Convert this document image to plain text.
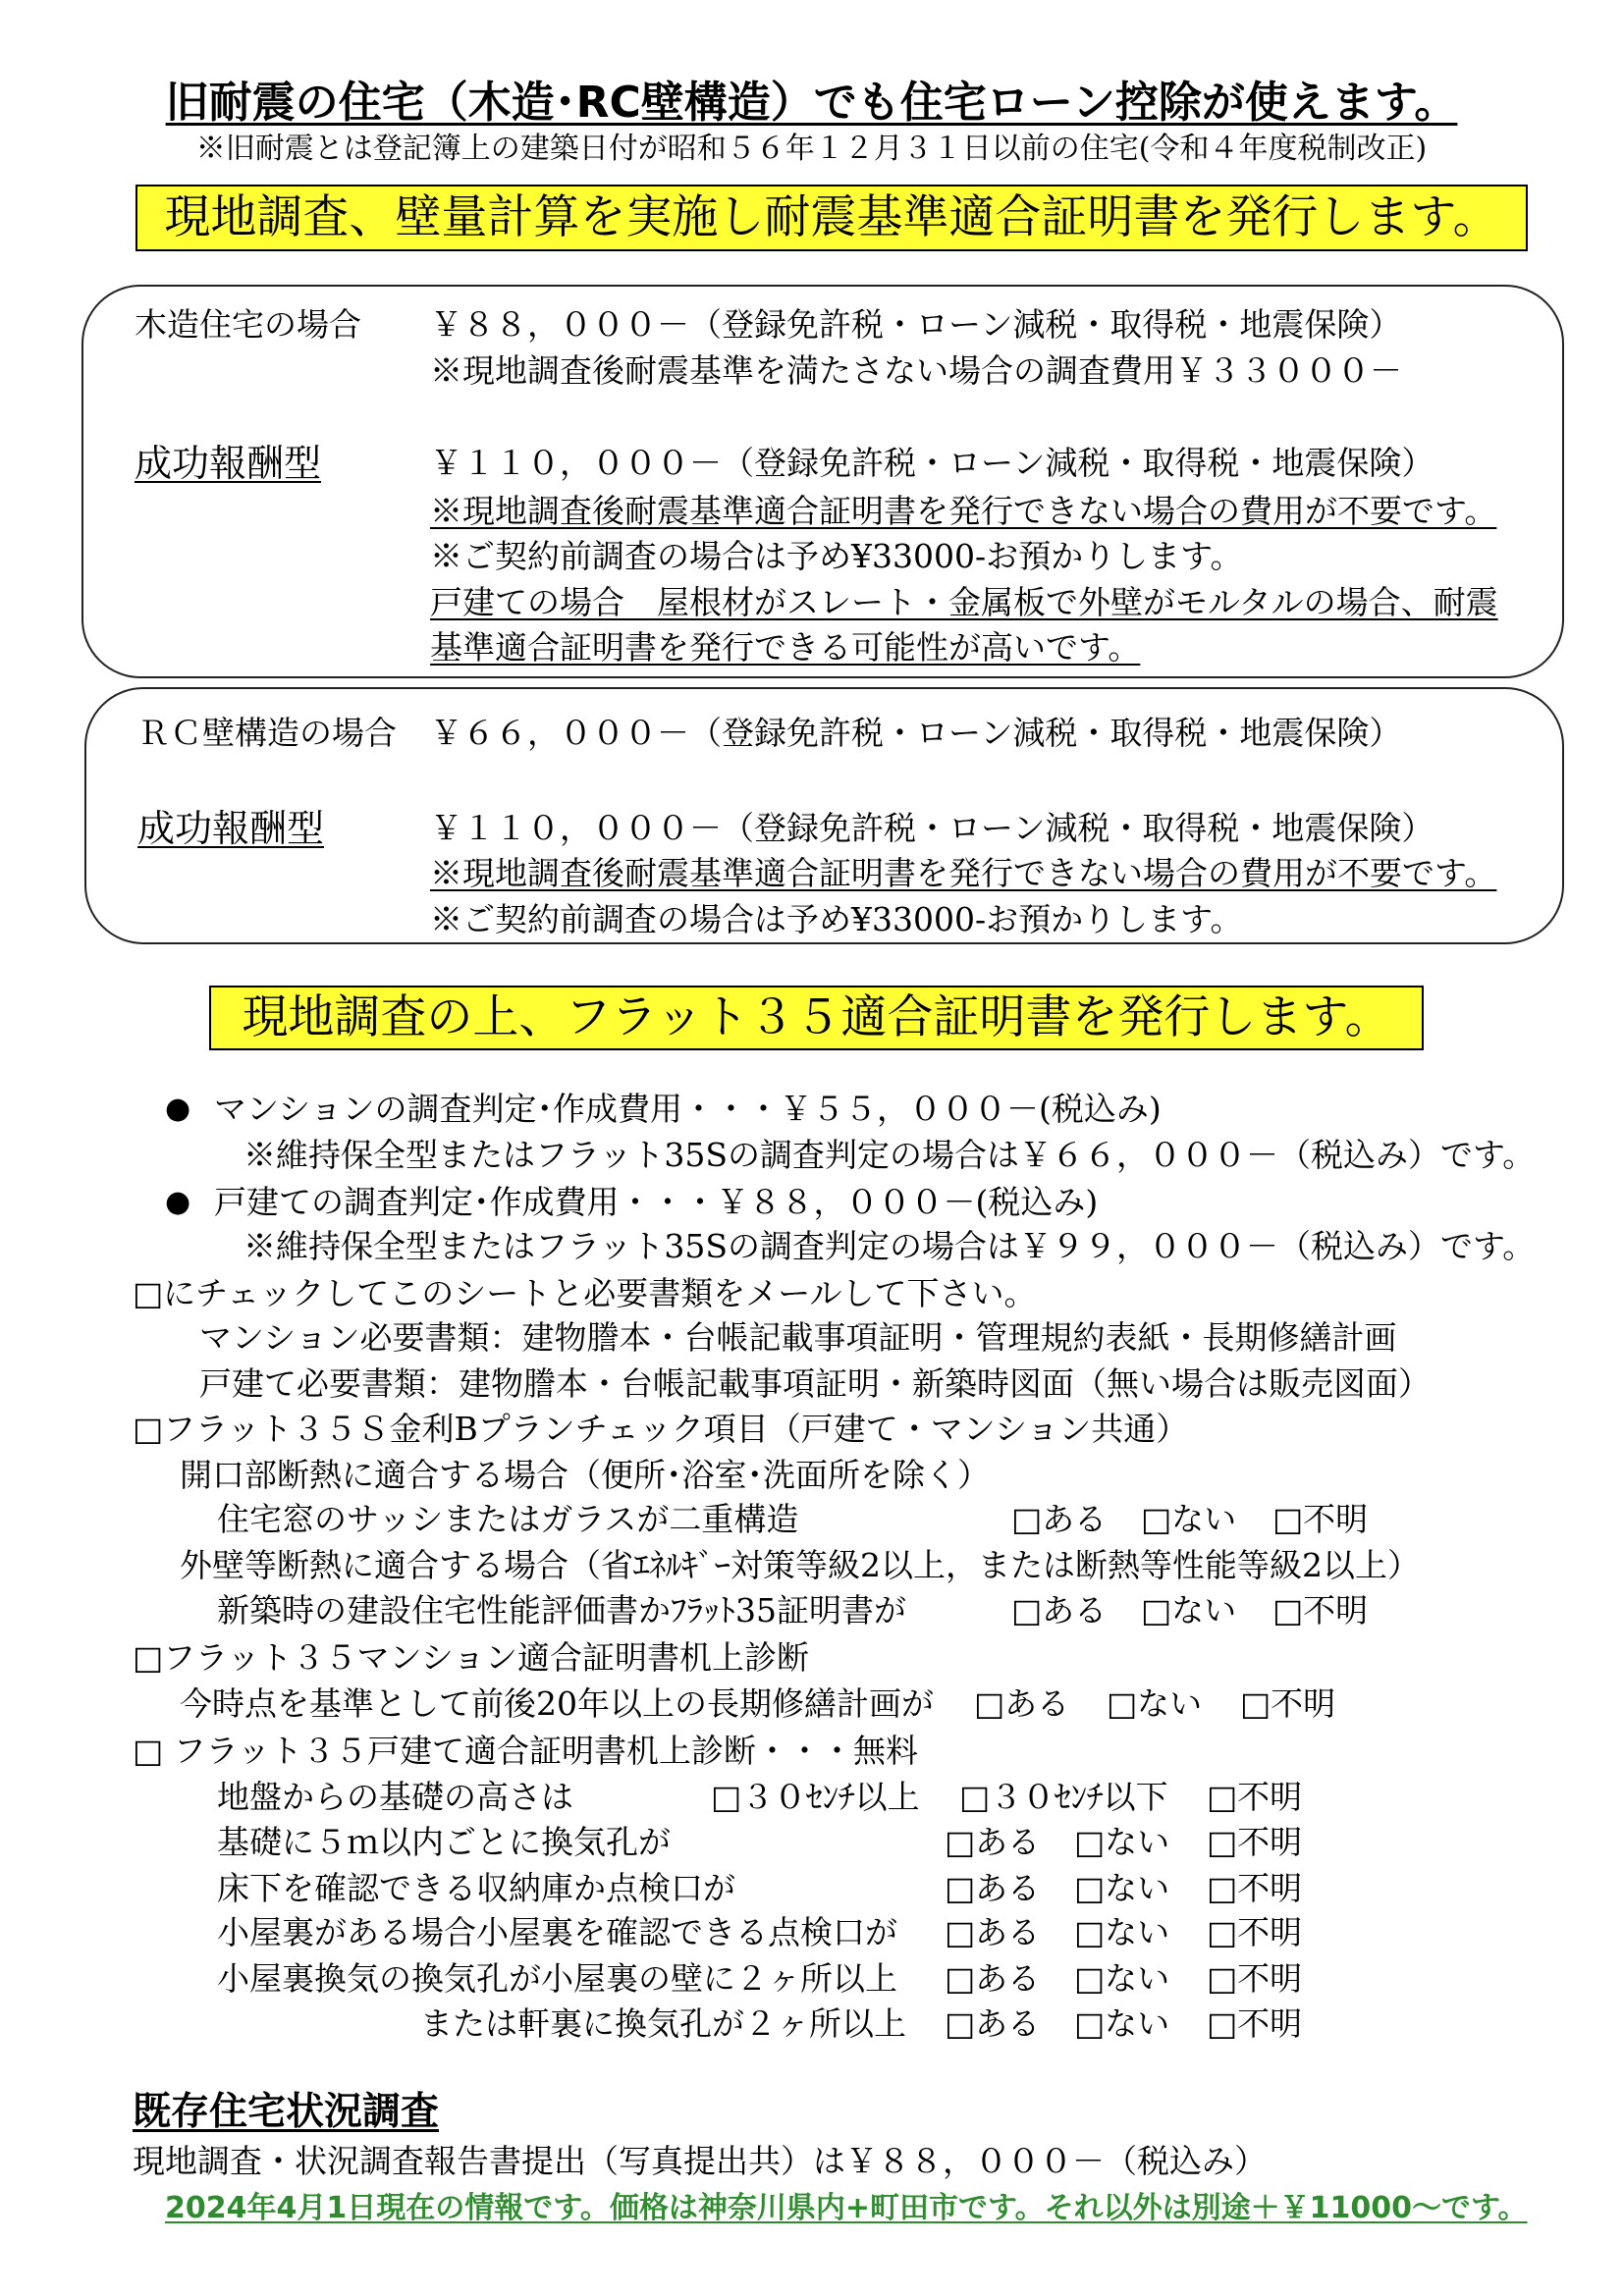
旧耐震の住宅（木造･RC壁構造）でも住宅ローン控除が使えます。
※旧耐震とは登記簿上の建築日付が昭和５６年１２月３１日以前の住宅(令和４年度税制改正)
現地調査、壁量計算を実施し耐震基準適合証明書を発行します。
木造住宅の場合 ￥８８，０００－（登録免許税・ローン減税・取得税・地震保険）
※現地調査後耐震基準を満たさない場合の調査費用￥３３０００－
成功報酬型	￥１１０，０００－（登録免許税・ローン減税・取得税・地震保険）
※現地調査後耐震基準適合証明書を発行できない場合の費用が不要です。
※ご契約前調査の場合は予め¥33000-お預かりします。
戸建ての場合　屋根材がスレート・金属板で外壁がモルタルの場合、耐震
基準適合証明書を発行できる可能性が高いです。
ＲＣ壁構造の場合 ￥６６，０００－（登録免許税・ローン減税・取得税・地震保険）
成功報酬型	￥１１０，０００－（登録免許税・ローン減税・取得税・地震保険）
※現地調査後耐震基準適合証明書を発行できない場合の費用が不要です。
※ご契約前調査の場合は予め¥33000-お預かりします。
現地調査の上、フラット３５適合証明書を発行します。
● マンションの調査判定･作成費用・・・￥５５，０００－(税込み)
※維持保全型またはフラット35Sの調査判定の場合は￥６６，０００－（税込み）です。
● 戸建ての調査判定･作成費用・・・￥８８，０００－(税込み)
※維持保全型またはフラット35Sの調査判定の場合は￥９９，０００－（税込み）です。
□にチェックしてこのシートと必要書類をメールして下さい。
マンション必要書類：建物謄本・台帳記載事項証明・管理規約表紙・長期修繕計画
戸建て必要書類：建物謄本・台帳記載事項証明・新築時図面（無い場合は販売図面）
□フラット３５Ｓ金利Bプランチェック項目（戸建て・マンション共通）
開口部断熱に適合する場合（便所･浴室･洗面所を除く）
住宅窓のサッシまたはガラスが二重構造	□ある □ない □不明
外壁等断熱に適合する場合（省ｴﾈﾙｷﾞｰ対策等級2以上，または断熱等性能等級2以上）
新築時の建設住宅性能評価書かﾌﾗｯﾄ35証明書が	□ある □ない □不明
□フラット３５マンション適合証明書机上診断
今時点を基準として前後20年以上の長期修繕計画が □ある □ない □不明
□ フラット３５戸建て適合証明書机上診断・・・無料
地盤からの基礎の高さは	□３０ｾﾝﾁ以上 □３０ｾﾝﾁ以下 □不明
基礎に５ｍ以内ごとに換気孔が	□ある □ない □不明
床下を確認できる収納庫か点検口が	□ある □ない □不明
小屋裏がある場合小屋裏を確認できる点検口が □ある □ない □不明
小屋裏換気の換気孔が小屋裏の壁に２ヶ所以上 □ある □ない □不明
または軒裏に換気孔が２ヶ所以上 □ある □ない □不明
既存住宅状況調査
現地調査・状況調査報告書提出（写真提出共）は￥８８，０００－（税込み）
2024年4月1日現在の情報です。価格は神奈川県内+町田市です。それ以外は別途＋￥11000～です。
